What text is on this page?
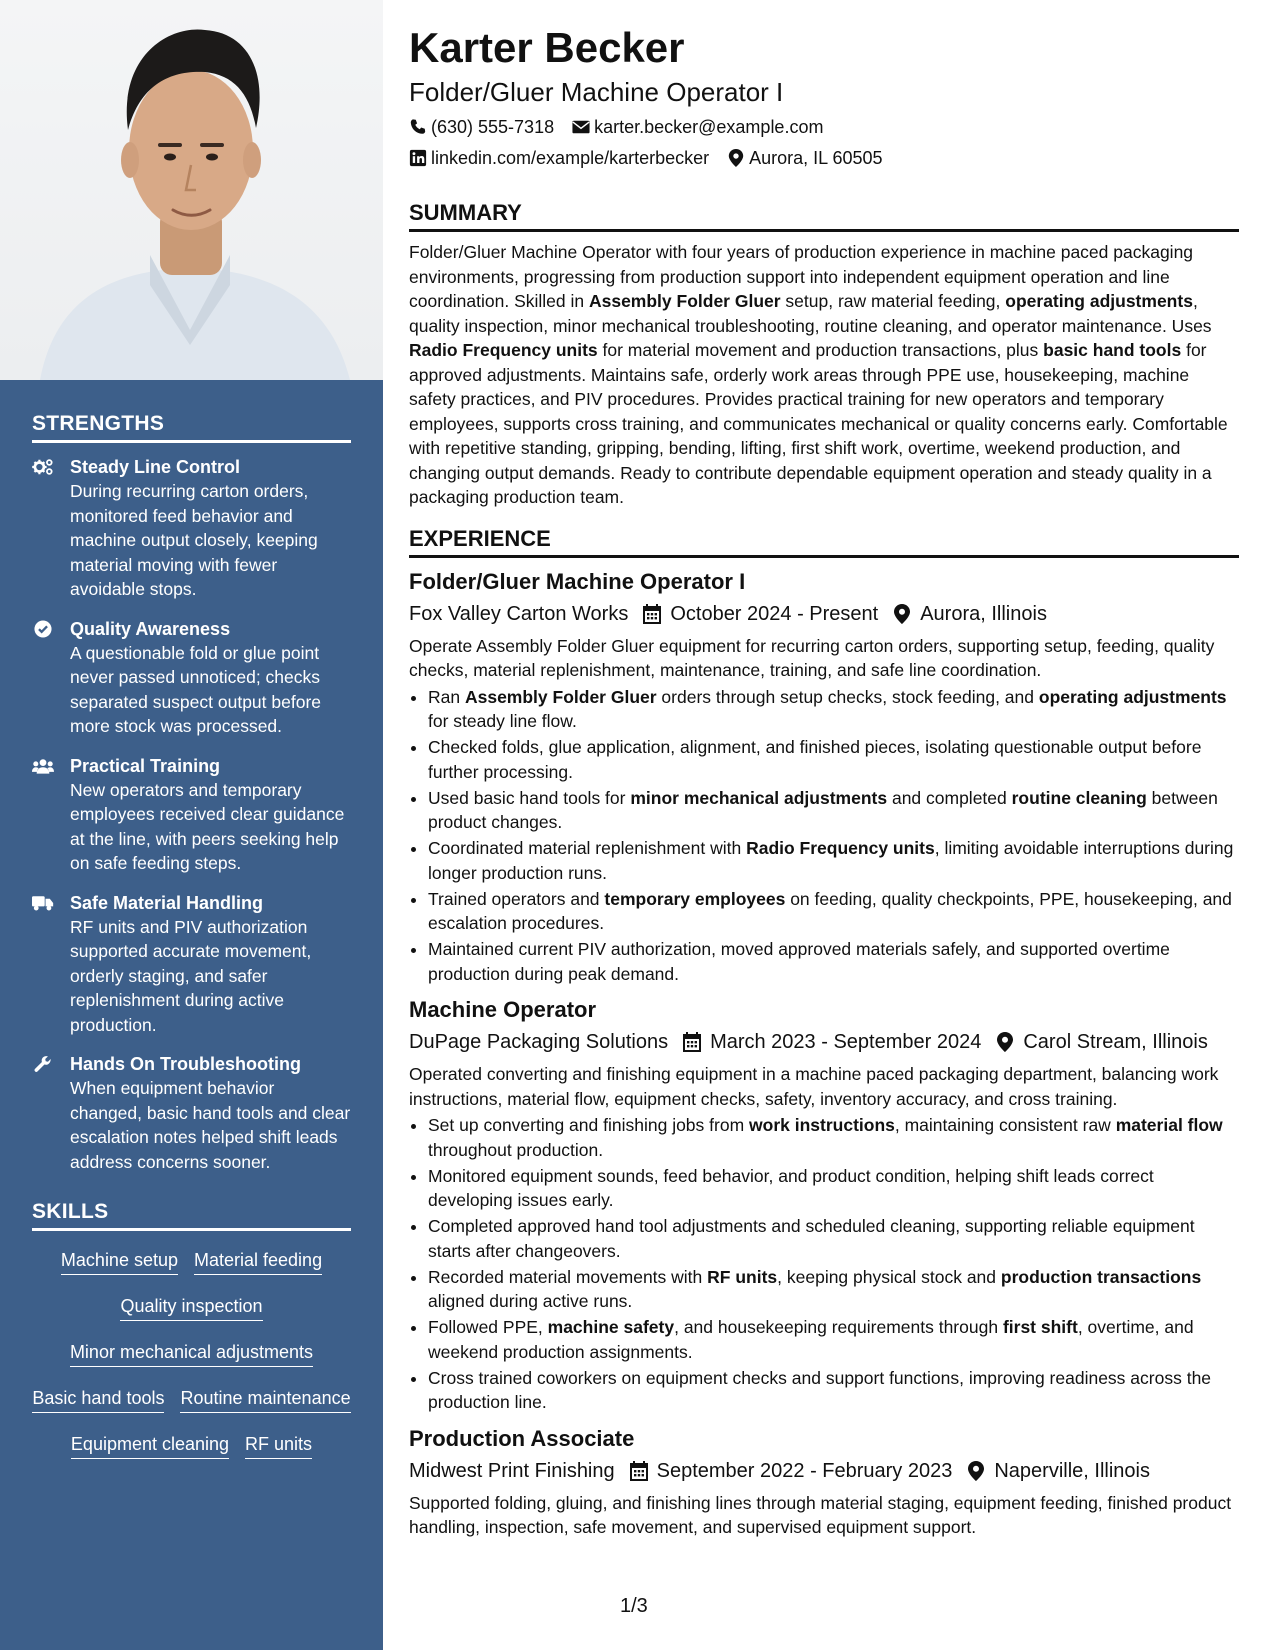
STRENGTHS
Steady Line Control
During recurring carton orders, monitored feed behavior and machine output closely, keeping material moving with fewer avoidable stops.
Quality Awareness
A questionable fold or glue point never passed unnoticed; checks separated suspect output before more stock was processed.
Practical Training
New operators and temporary employees received clear guidance at the line, with peers seeking help on safe feeding steps.
Safe Material Handling
RF units and PIV authorization supported accurate movement, orderly staging, and safer replenishment during active production.
Hands On Troubleshooting
When equipment behavior changed, basic hand tools and clear escalation notes helped shift leads address concerns sooner.
SKILLS
Machine setup Material feeding
Quality inspection
Minor mechanical adjustments
Basic hand tools Routine maintenance
Equipment cleaning RF units
Karter Becker
Folder/Gluer Machine Operator I
(630) 555-7318 karter.becker@example.com
linkedin.com/example/karterbecker Aurora, IL 60505
SUMMARY

Folder/Gluer Machine Operator with four years of production experience in machine paced packaging environments, progressing from production support into independent equipment operation and line coordination. Skilled in Assembly Folder Gluer setup, raw material feeding, operating adjustments, quality inspection, minor mechanical troubleshooting, routine cleaning, and operator maintenance. Uses Radio Frequency units for material movement and production transactions, plus basic hand tools for approved adjustments. Maintains safe, orderly work areas through PPE use, housekeeping, machine safety practices, and PIV procedures. Provides practical training for new operators and temporary employees, supports cross training, and communicates mechanical or quality concerns early. Comfortable with repetitive standing, gripping, bending, lifting, first shift work, overtime, weekend production, and changing output demands. Ready to contribute dependable equipment operation and steady quality in a packaging production team.

EXPERIENCE
Folder/Gluer Machine Operator I
Fox Valley Carton Works October 2024 - Present Aurora, Illinois

Operate Assembly Folder Gluer equipment for recurring carton orders, supporting setup, feeding, quality checks, material replenishment, maintenance, training, and safe line coordination.

• Ran Assembly Folder Gluer orders through setup checks, stock feeding, and operating adjustments for steady line flow.
• Checked folds, glue application, alignment, and finished pieces, isolating questionable output before further processing.
• Used basic hand tools for minor mechanical adjustments and completed routine cleaning between product changes.
• Coordinated material replenishment with Radio Frequency units, limiting avoidable interruptions during longer production runs.
• Trained operators and temporary employees on feeding, quality checkpoints, PPE, housekeeping, and escalation procedures.
• Maintained current PIV authorization, moved approved materials safely, and supported overtime production during peak demand.
Machine Operator
DuPage Packaging Solutions March 2023 - September 2024 Carol Stream, Illinois

Operated converting and finishing equipment in a machine paced packaging department, balancing work instructions, material flow, equipment checks, safety, inventory accuracy, and cross training.

• Set up converting and finishing jobs from work instructions, maintaining consistent raw material flow throughout production.
• Monitored equipment sounds, feed behavior, and product condition, helping shift leads correct developing issues early.
• Completed approved hand tool adjustments and scheduled cleaning, supporting reliable equipment starts after changeovers.
• Recorded material movements with RF units, keeping physical stock and production transactions aligned during active runs.
• Followed PPE, machine safety, and housekeeping requirements through first shift, overtime, and weekend production assignments.
• Cross trained coworkers on equipment checks and support functions, improving readiness across the production line.
Production Associate
Midwest Print Finishing September 2022 - February 2023 Naperville, Illinois

Supported folding, gluing, and finishing lines through material staging, equipment feeding, finished product handling, inspection, safe movement, and supervised equipment support.

1/3
